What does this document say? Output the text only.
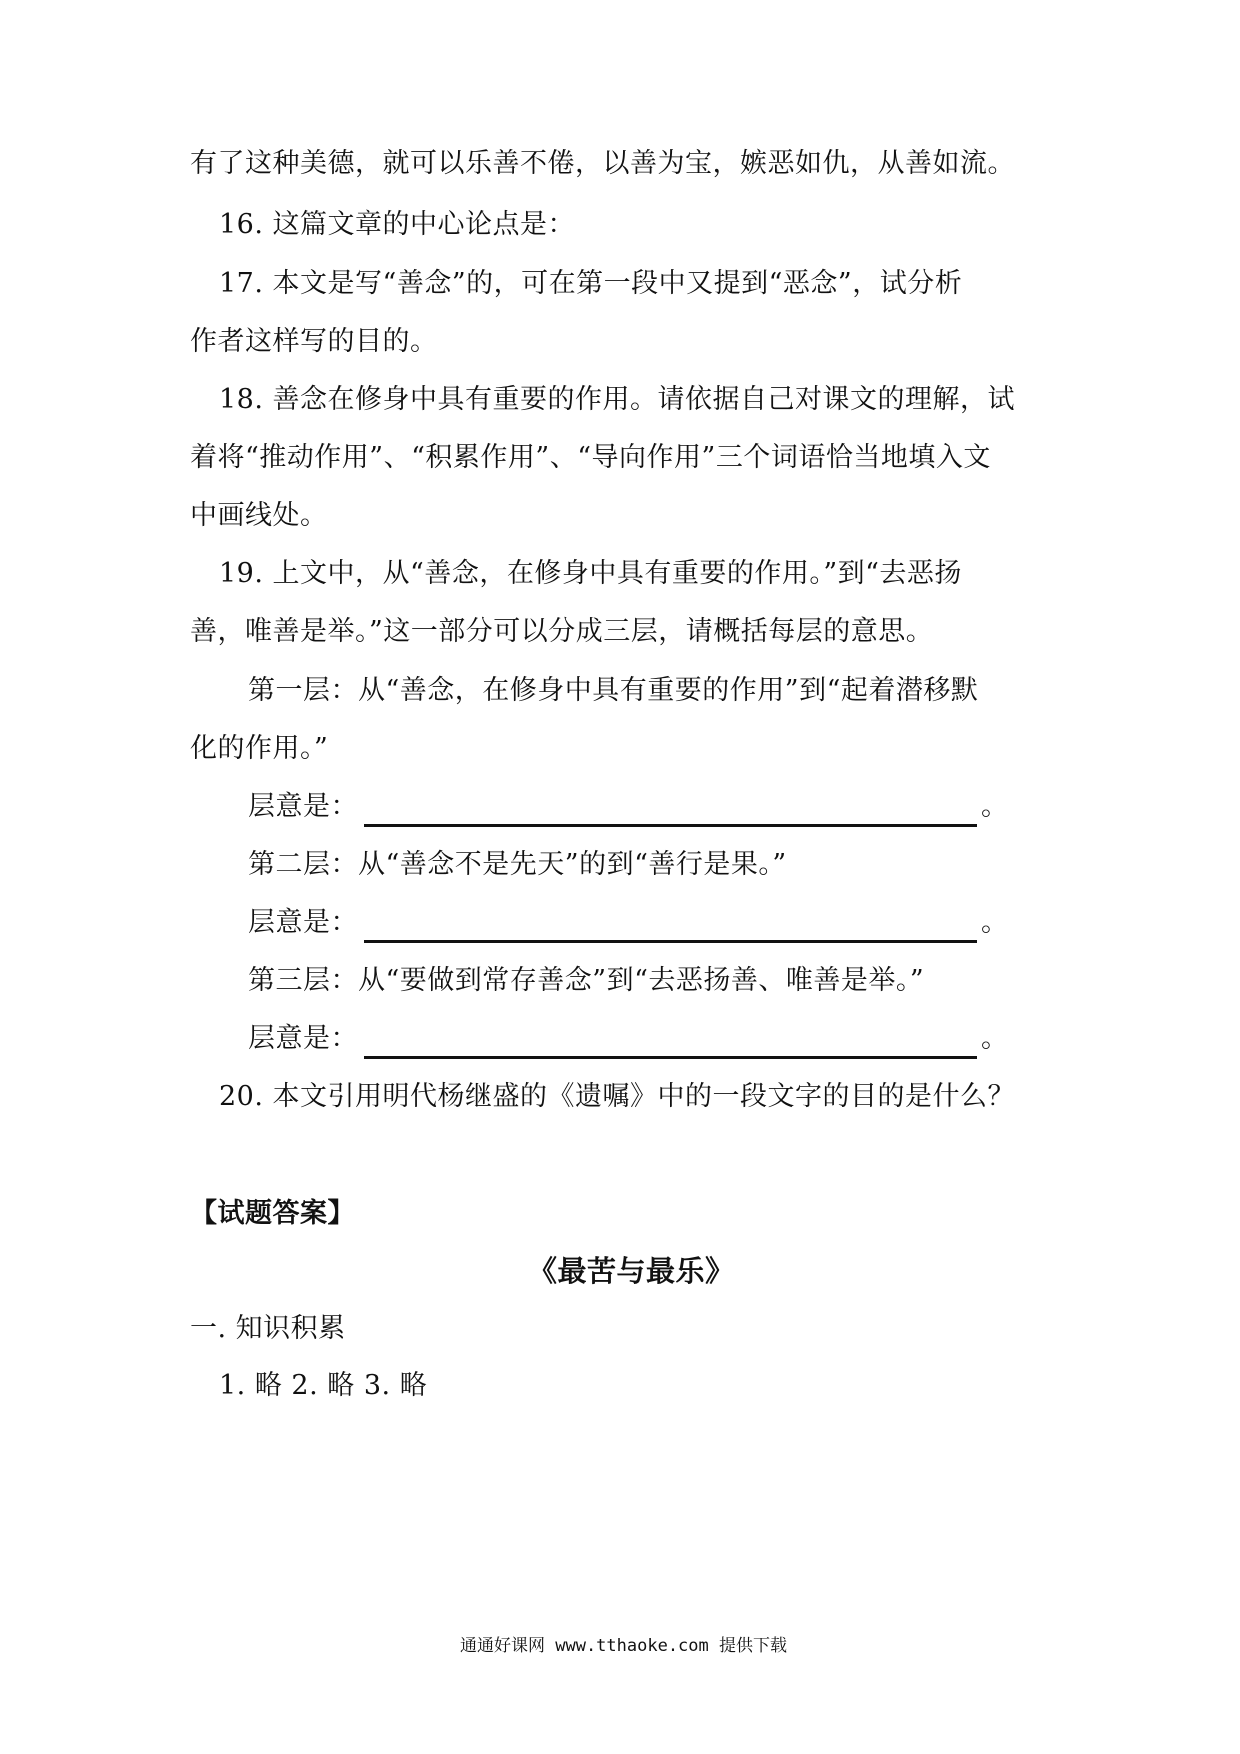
有了这种美德，就可以乐善不倦，以善为宝，嫉恶如仇，从善如流。
16. 这篇文章的中心论点是：
17. 本文是写“善念”的，可在第一段中又提到“恶念”，试分析
作者这样写的目的。
18. 善念在修身中具有重要的作用。请依据自己对课文的理解，试
着将“推动作用”、“积累作用”、“导向作用”三个词语恰当地填入文
中画线处。
19. 上文中，从“善念，在修身中具有重要的作用。”到“去恶扬
善，唯善是举。”这一部分可以分成三层，请概括每层的意思。
第一层：从“善念，在修身中具有重要的作用”到“起着潜移默
化的作用。”
层意是：	。
第二层：从“善念不是先天”的到“善行是果。”
层意是：	。
第三层：从“要做到常存善念”到“去恶扬善、唯善是举。”
层意是：	。
20. 本文引用明代杨继盛的《遗嘱》中的一段文字的目的是什么？
【试题答案】
《最苦与最乐》
一. 知识积累
1. 略 2. 略 3. 略
通通好课网 www.tthaoke.com 提供下载
